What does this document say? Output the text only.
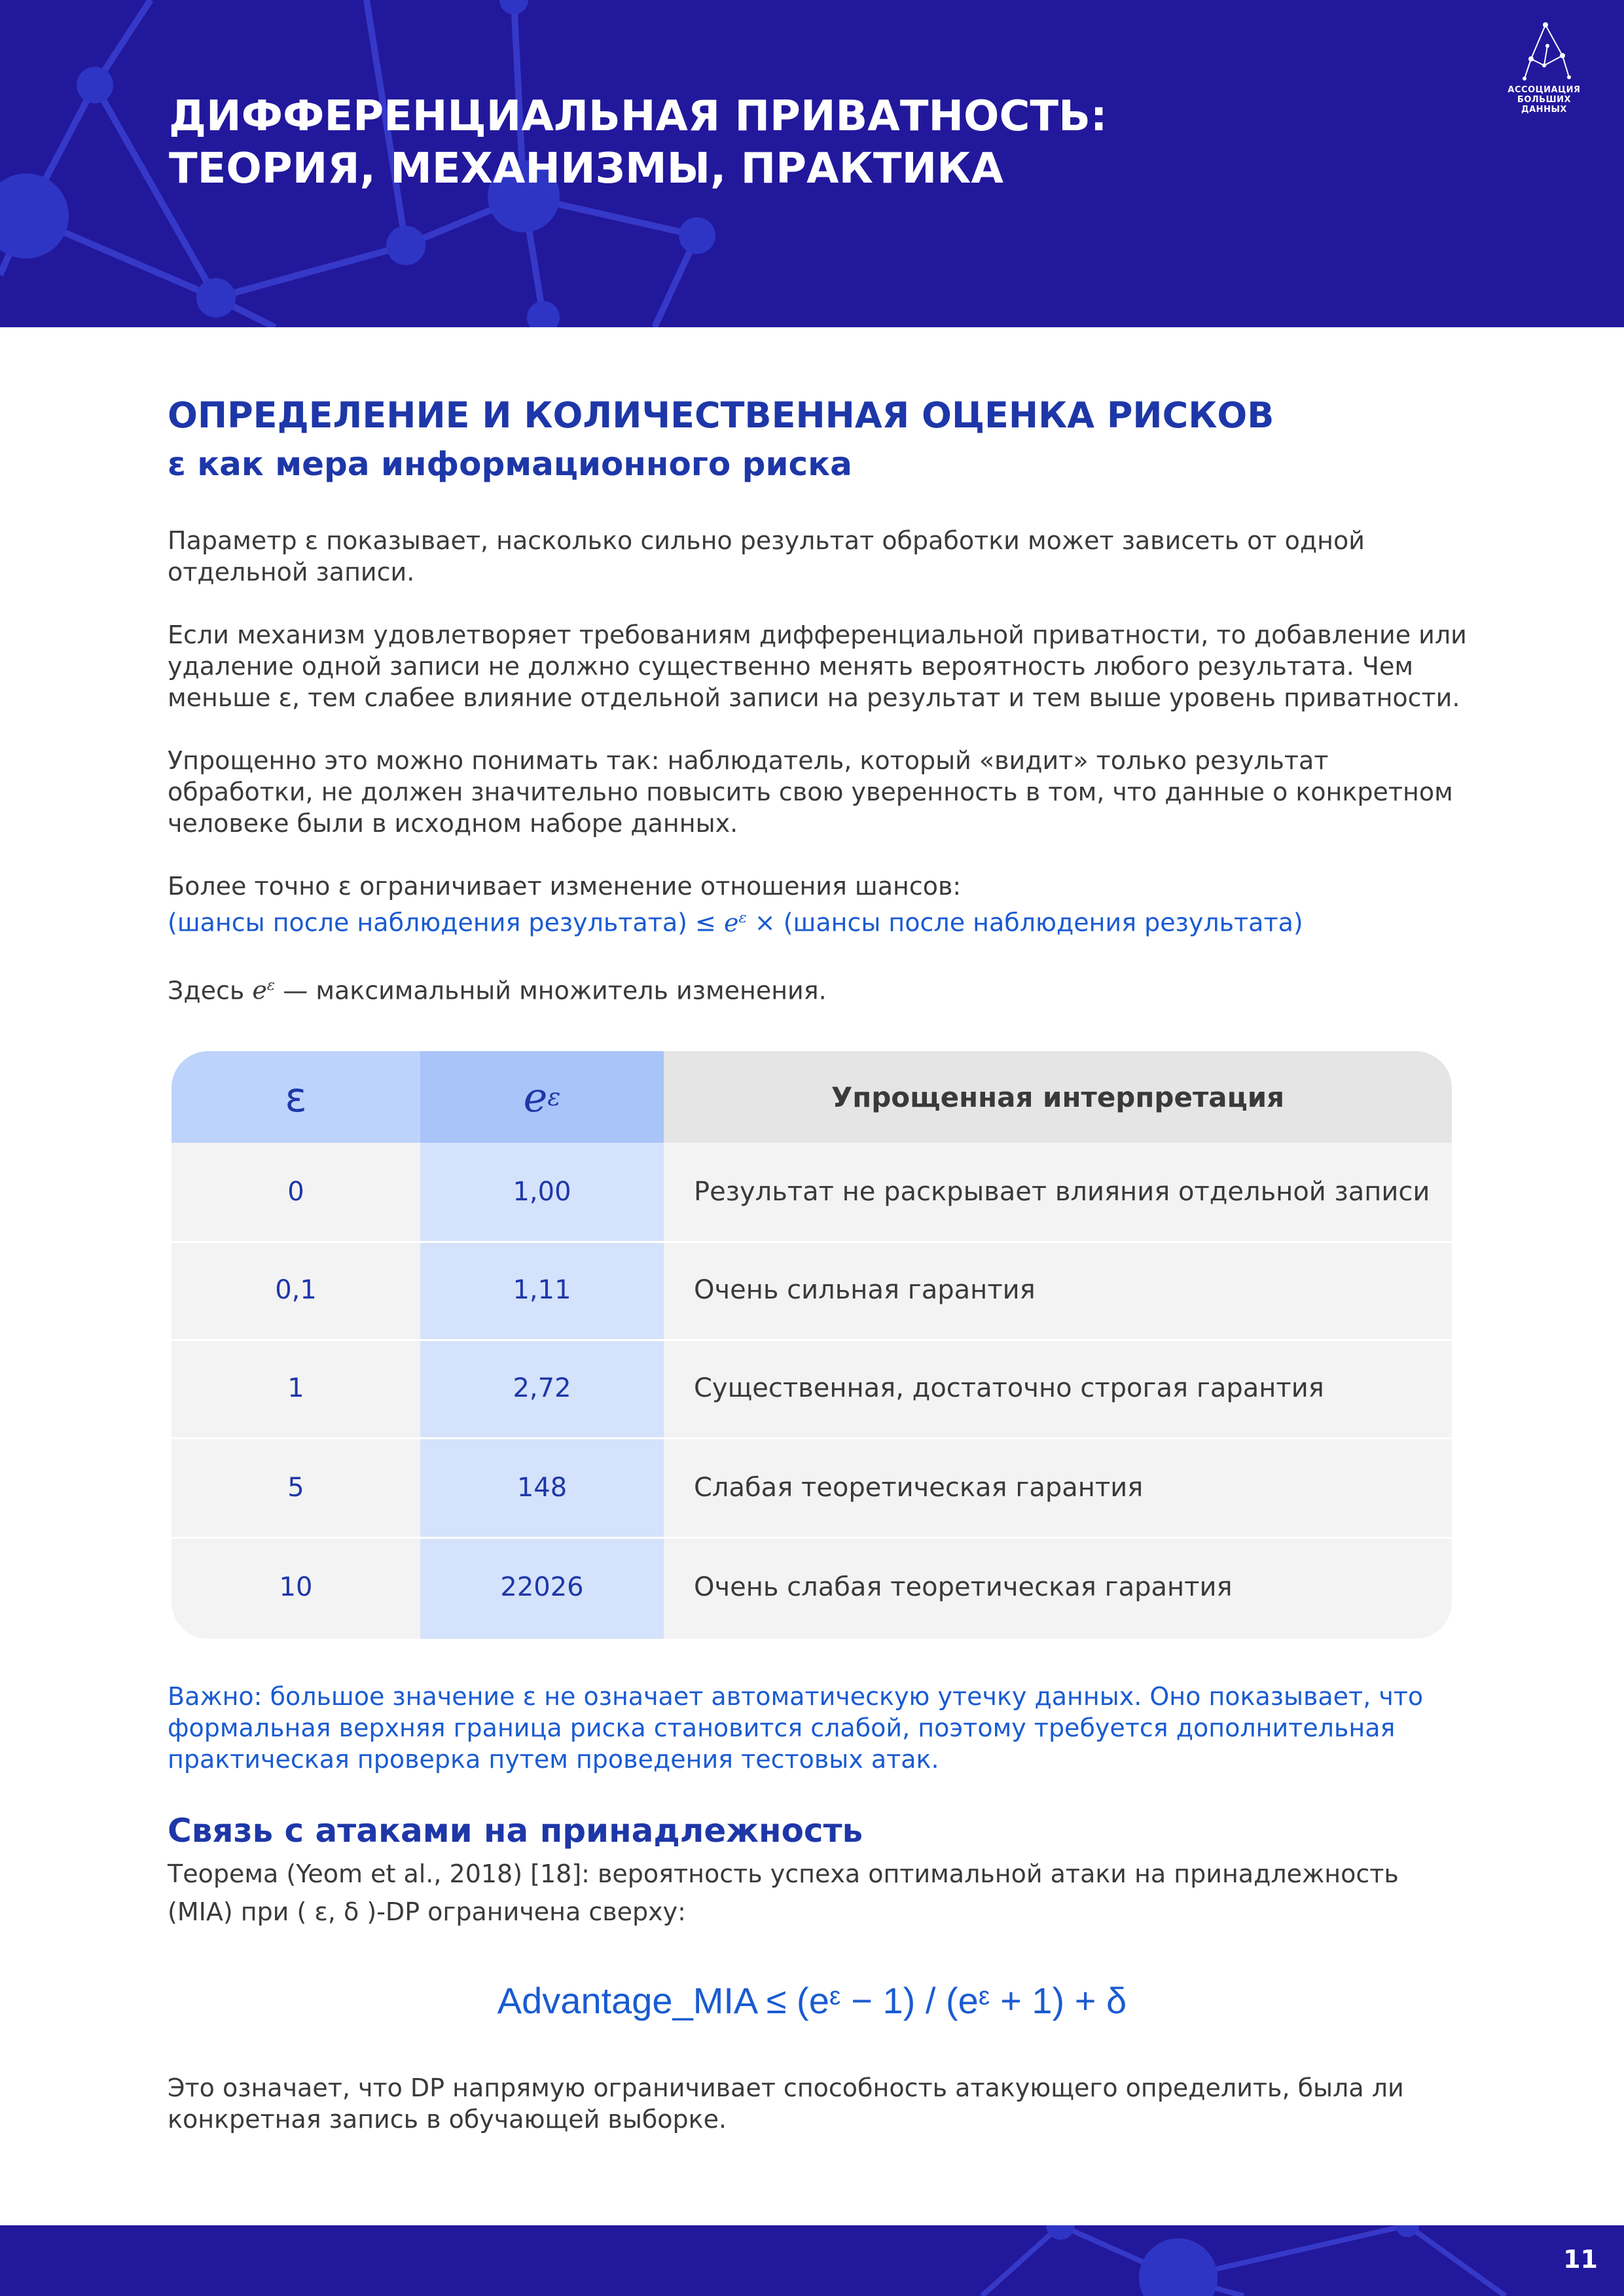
ДИФФЕРЕНЦИАЛЬНАЯ ПРИВАТНОСТЬ:
ТЕОРИЯ, МЕХАНИЗМЫ, ПРАКТИКА
АССОЦИАЦИЯ
БОЛЬШИХ ДАННЫХ
ОПРЕДЕЛЕНИЕ И КОЛИЧЕСТВЕННАЯ ОЦЕНКА РИСКОВ
ε как мера информационного риска

Параметр ε показывает, насколько сильно результат обработки может зависеть от одной отдельной записи.

Если механизм удовлетворяет требованиям дифференциальной приватности, то добавление или удаление одной записи не должно существенно менять вероятность любого результата. Чем меньше ε, тем слабее влияние отдельной записи на результат и тем выше уровень приватности.

Упрощенно это можно понимать так: наблюдатель, который «видит» только результат обработки, не должен значительно повысить свою уверенность в том, что данные о конкретном человеке были в исходном наборе данных.

Более точно ε ограничивает изменение отношения шансов:

(шансы после наблюдения результата) ≤ $e^\varepsilon$ × (шансы после наблюдения результата)

Здесь $e^\varepsilon$ — максимальный множитель изменения.

ε	e ε	Упрощенная интерпретация
0	1,00	Результат не раскрывает влияния отдельной записи
0,1	1,11	Очень сильная гарантия
1	2,72	Существенная, достаточно строгая гарантия
5	148	Слабая теоретическая гарантия
10	22026	Очень слабая теоретическая гарантия

Важно: большое значение ε не означает автоматическую утечку данных. Оно показывает, что формальная верхняя граница риска становится слабой, поэтому требуется дополнительная практическая проверка путем проведения тестовых атак.

Связь с атаками на принадлежность

Теорема (Yeom et al., 2018) [18]: вероятность успеха оптимальной атаки на принадлежность (MIA) при ( ε, δ )-DP ограничена сверху:

Advantage_MIA ≤ (eᵋ − 1) / (eᵋ + 1) + δ

Это означает, что DP напрямую ограничивает способность атакующего определить, была ли конкретная запись в обучающей выборке.

11
